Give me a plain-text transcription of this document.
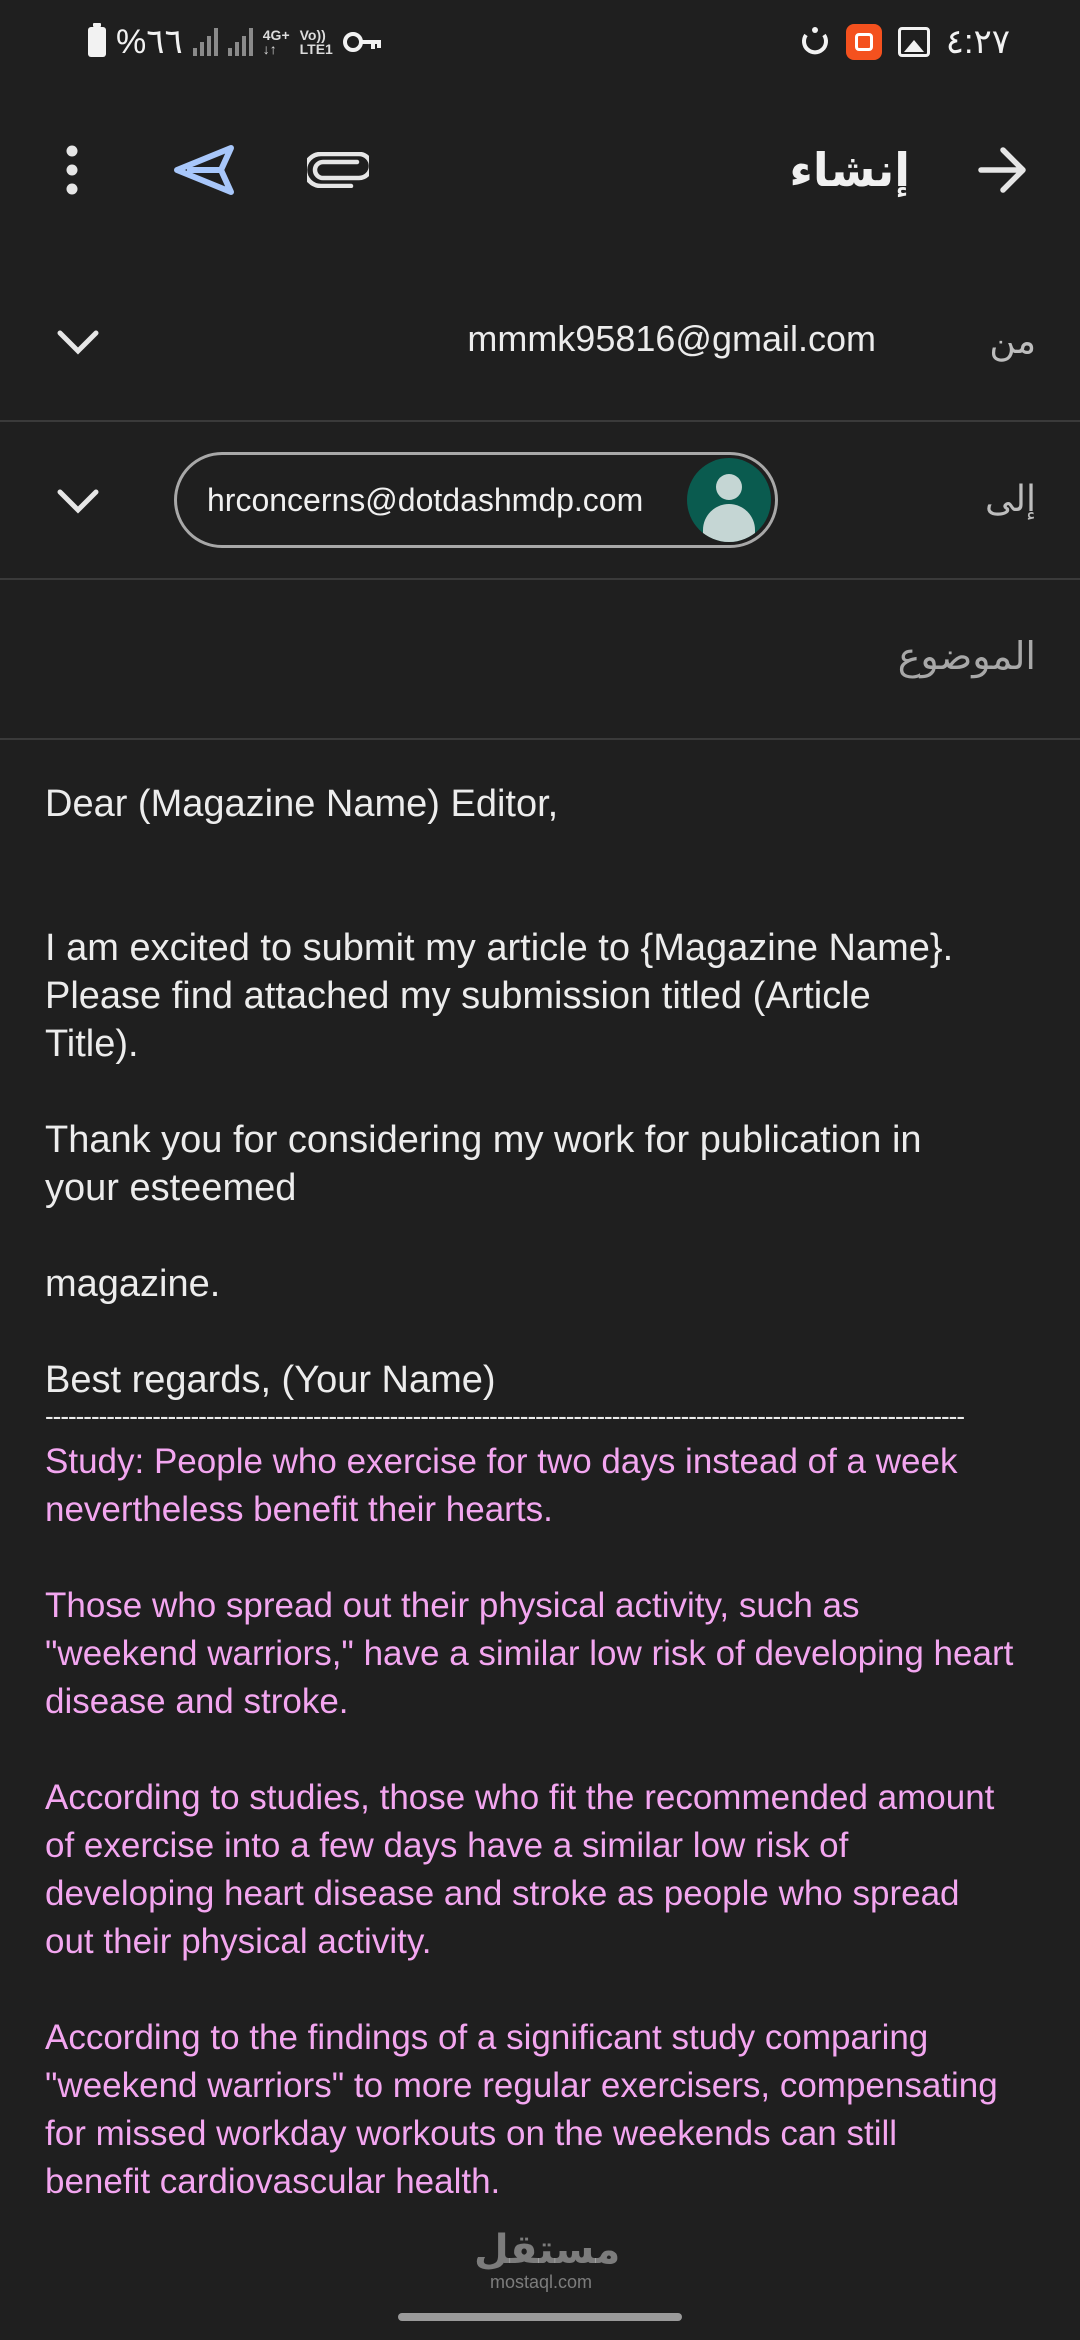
%٦٦	4G+
↓↑
Vo))
LTE1	٤:٢٧
إنشاء
mmmk95816@gmail.com	من
hrconcerns@dotdashmdp.com	إلى
الموضوع

Dear (Magazine Name) Editor,

I am excited to submit my article to {Magazine Name}.

Please find attached my submission titled (Article

Title).

Thank you for considering my work for publication in

your esteemed

magazine.

Best regards, (Your Name)

------------------------------------------------------------------------------------------------------------------------

Study: People who exercise for two days instead of a week

nevertheless benefit their hearts.

Those who spread out their physical activity, such as

"weekend warriors," have a similar low risk of developing heart

disease and stroke.

According to studies, those who fit the recommended amount

of exercise into a few days have a similar low risk of

developing heart disease and stroke as people who spread

out their physical activity.

According to the findings of a significant study comparing

"weekend warriors" to more regular exercisers, compensating

for missed workday workouts on the weekends can still

benefit cardiovascular health.

مستقل
mostaql.com
